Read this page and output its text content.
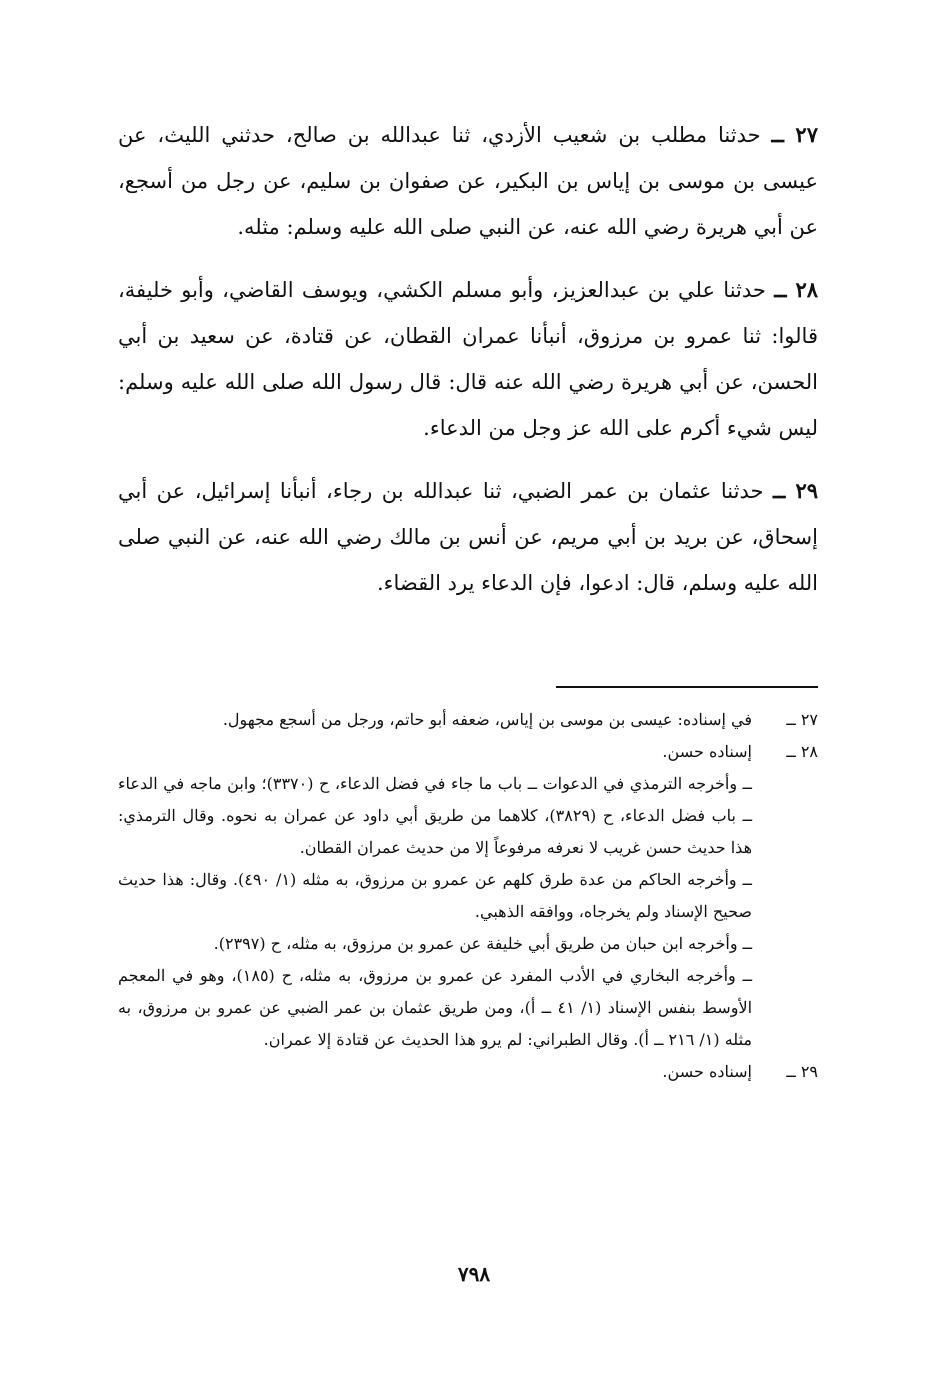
٢٧ ــ حدثنا مطلب بن شعيب الأزدي، ثنا عبدالله بن صالح، حدثني الليث، عن عيسى بن موسى بن إياس بن البكير، عن صفوان بن سليم، عن رجل من أسجع، عن أبي هريرة رضي الله عنه، عن النبي صلى الله عليه وسلم: مثله.

٢٨ ــ حدثنا علي بن عبدالعزيز، وأبو مسلم الكشي، ويوسف القاضي، وأبو خليفة، قالوا: ثنا عمرو بن مرزوق، أنبأنا عمران القطان، عن قتادة، عن سعيد بن أبي الحسن، عن أبي هريرة رضي الله عنه قال: قال رسول الله صلى الله عليه وسلم: ليس شيء أكرم على الله عز وجل من الدعاء.

٢٩ ــ حدثنا عثمان بن عمر الضبي، ثنا عبدالله بن رجاء، أنبأنا إسرائيل، عن أبي إسحاق، عن بريد بن أبي مريم، عن أنس بن مالك رضي الله عنه، عن النبي صلى الله عليه وسلم، قال: ادعوا، فإن الدعاء يرد القضاء.

٢٧ ــفي إسناده: عيسى بن موسى بن إياس، ضعفه أبو حاتم، ورجل من أسجع مجهول.

٢٨ ــإسناده حسن.

ــ وأخرجه الترمذي في الدعوات ــ باب ما جاء في فضل الدعاء، ح (٣٣٧٠)؛ وابن ماجه في الدعاء ــ باب فضل الدعاء، ح (٣٨٢٩)، كلاهما من طريق أبي داود عن عمران به نحوه. وقال الترمذي: هذا حديث حسن غريب لا نعرفه مرفوعاً إلا من حديث عمران القطان.

ــ وأخرجه الحاكم من عدة طرق كلهم عن عمرو بن مرزوق، به مثله (١/ ٤٩٠). وقال: هذا حديث صحيح الإسناد ولم يخرجاه، ووافقه الذهبي.

ــ وأخرجه ابن حبان من طريق أبي خليفة عن عمرو بن مرزوق، به مثله، ح (٢٣٩٧).

ــ وأخرجه البخاري في الأدب المفرد عن عمرو بن مرزوق، به مثله، ح (١٨٥)، وهو في المعجم الأوسط بنفس الإسناد (١/ ٤١ ــ أ)، ومن طريق عثمان بن عمر الضبي عن عمرو بن مرزوق، به مثله (١/ ٢١٦ ــ أ). وقال الطبراني: لم يرو هذا الحديث عن قتادة إلا عمران.

٢٩ ــإسناده حسن.

٧٩٨
